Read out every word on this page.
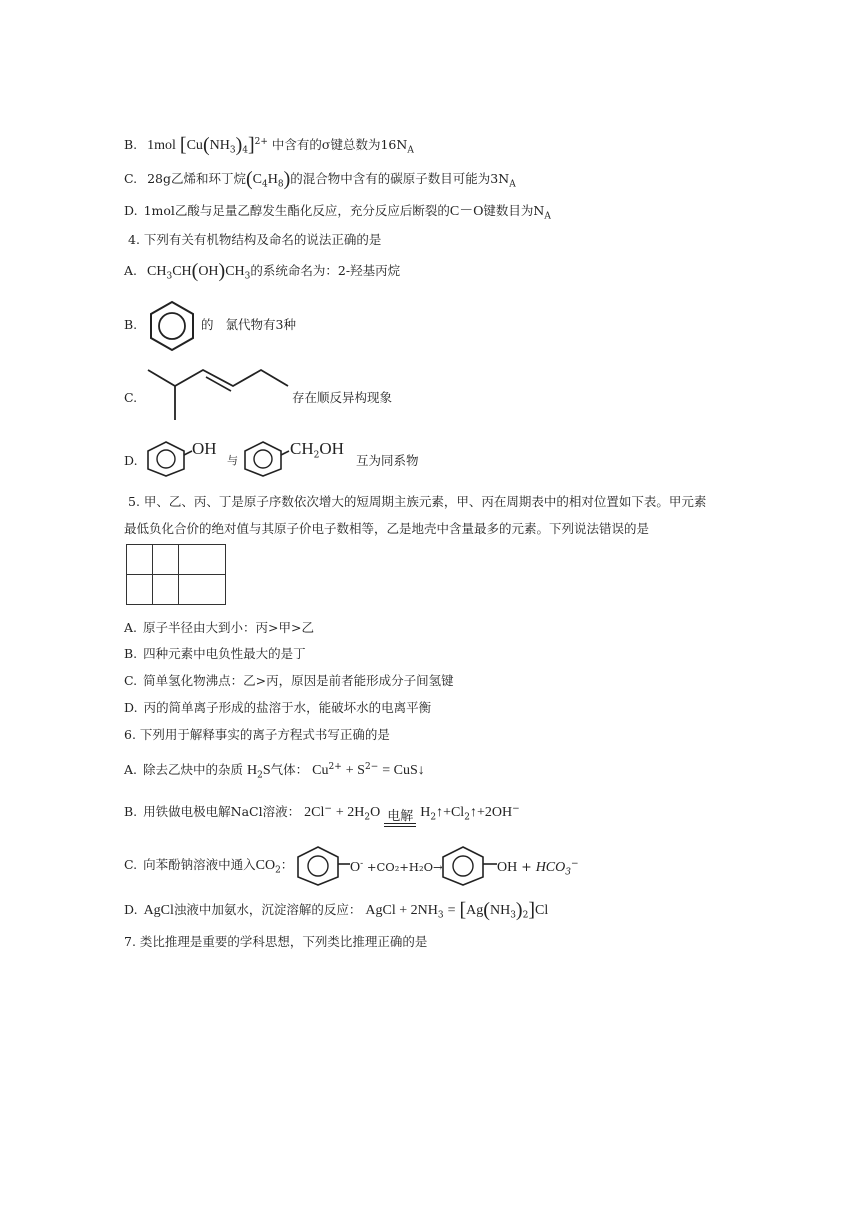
B. 1mol $[Cu(NH_3)_4]^{2+}$ 中含有的σ键总数为$16N_A$
C. 28g乙烯和环丁烷$(C_4H_8)$的混合物中含有的碳原子数目可能为$3N_A$
D. 1mol乙酸与足量乙醇发生酯化反应，充分反应后断裂的C－O键数目为$N_A$
4. 下列有关有机物结构及命名的说法正确的是
A. $CH_3CH(OH)CH_3$的系统命名为：2-羟基丙烷
B.	的 氯代物有3种
C.	存在顺反异构现象
D.
OH
与
$CH_2OH$
互为同系物
5. 甲、乙、丙、丁是原子序数依次增大的短周期主族元素，甲、丙在周期表中的相对位置如下表。甲元素
最低负化合价的绝对值与其原子价电子数相等，乙是地壳中含量最多的元素。下列说法错误的是

A. 原子半径由大到小：丙>甲>乙
B. 四种元素中电负性最大的是丁
C. 简单氢化物沸点：乙>丙，原因是前者能形成分子间氢键
D. 丙的简单离子形成的盐溶于水，能破坏水的电离平衡
6. 下列用于解释事实的离子方程式书写正确的是
A. 除去乙炔中的杂质 $H_2S$气体： $Cu^{2+} + S^{2-}$ = CuS↓
B. 用铁做电极电解NaCl溶液： $2Cl^- + 2H_2O$ 电解 $H_2↑+Cl_2↑+2OH^-$
C. 向苯酚钠溶液中通入$CO_2$：	O- +CO₂+H₂O→	OH + $HCO_3^-$
D. AgCl浊液中加氨水，沉淀溶解的反应： AgCl + $2NH_3 = [Ag(NH_3)_2]Cl$
7. 类比推理是重要的学科思想，下列类比推理正确的是
